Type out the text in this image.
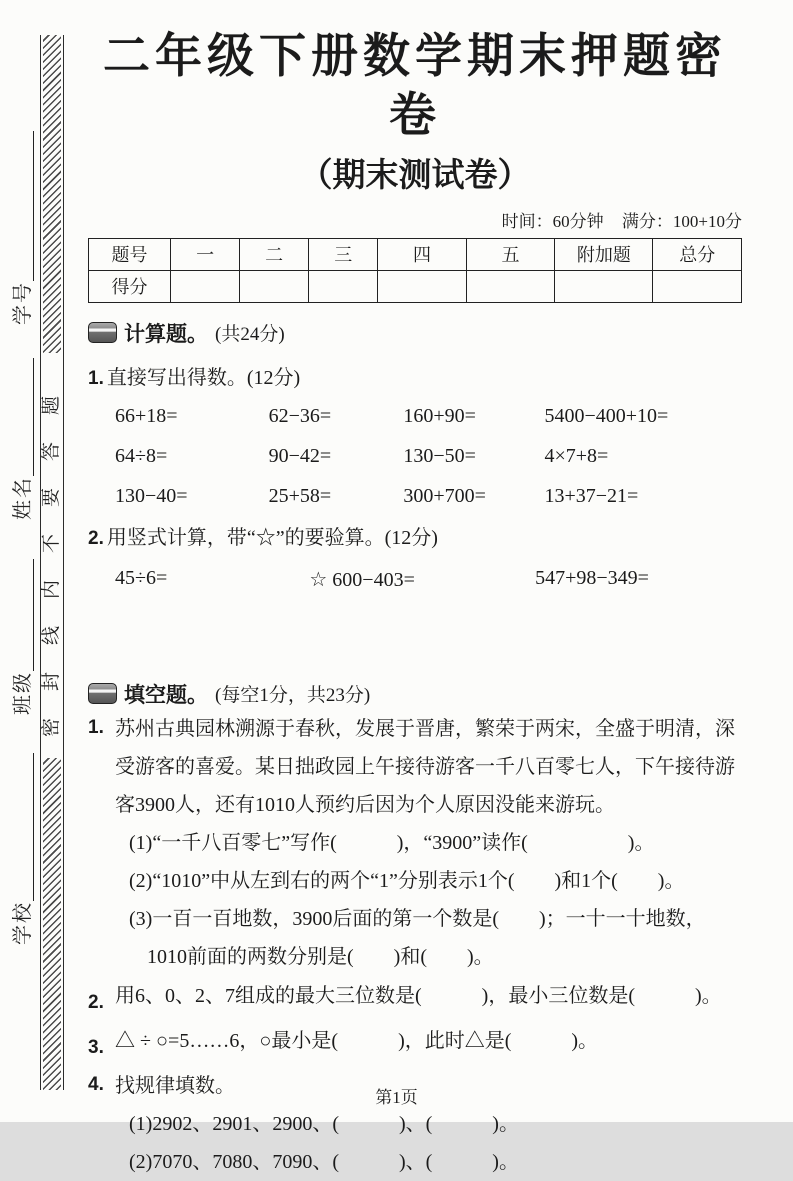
学号
姓名
班级
学校
密封线内不要答题
二年级下册数学期末押题密卷
（期末测试卷）
时间：60分钟 满分：100+10分
题号	一	二	三	四	五	附加题	总分
得分							
计算题。 (共24分)
1. 直接写出得数。(12分)
66+18=	62−36=	160+90=	5400−400+10=
64÷8=	90−42=	130−50=	4×7+8=
130−40=	25+58=	300+700=	13+37−21=
2. 用竖式计算，带“☆”的要验算。(12分)
45÷6=	☆ 600−403=	547+98−349=
填空题。 (每空1分，共23分)
1. 苏州古典园林溯源于春秋，发展于晋唐，繁荣于两宋，全盛于明清，深受游客的喜爱。某日拙政园上午接待游客一千八百零七人，下午接待游客3900人，还有1010人预约后因为个人原因没能来游玩。
(1)“一千八百零七”写作(　　　)，“3900”读作(　　　　　)。
(2)“1010”中从左到右的两个“1”分别表示1个(　　)和1个(　　)。
(3)一百一百地数，3900后面的第一个数是(　　)；一十一十地数，
1010前面的两数分别是(　　)和(　　)。
2. 用6、0、2、7组成的最大三位数是(　　　)，最小三位数是(　　　)。
3. △ ÷ ○=5……6，○最小是(　　　)，此时△是(　　　)。
4. 找规律填数。
(1)2902、2901、2900、(　　　)、(　　　)。
(2)7070、7080、7090、(　　　)、(　　　)。
第1页
